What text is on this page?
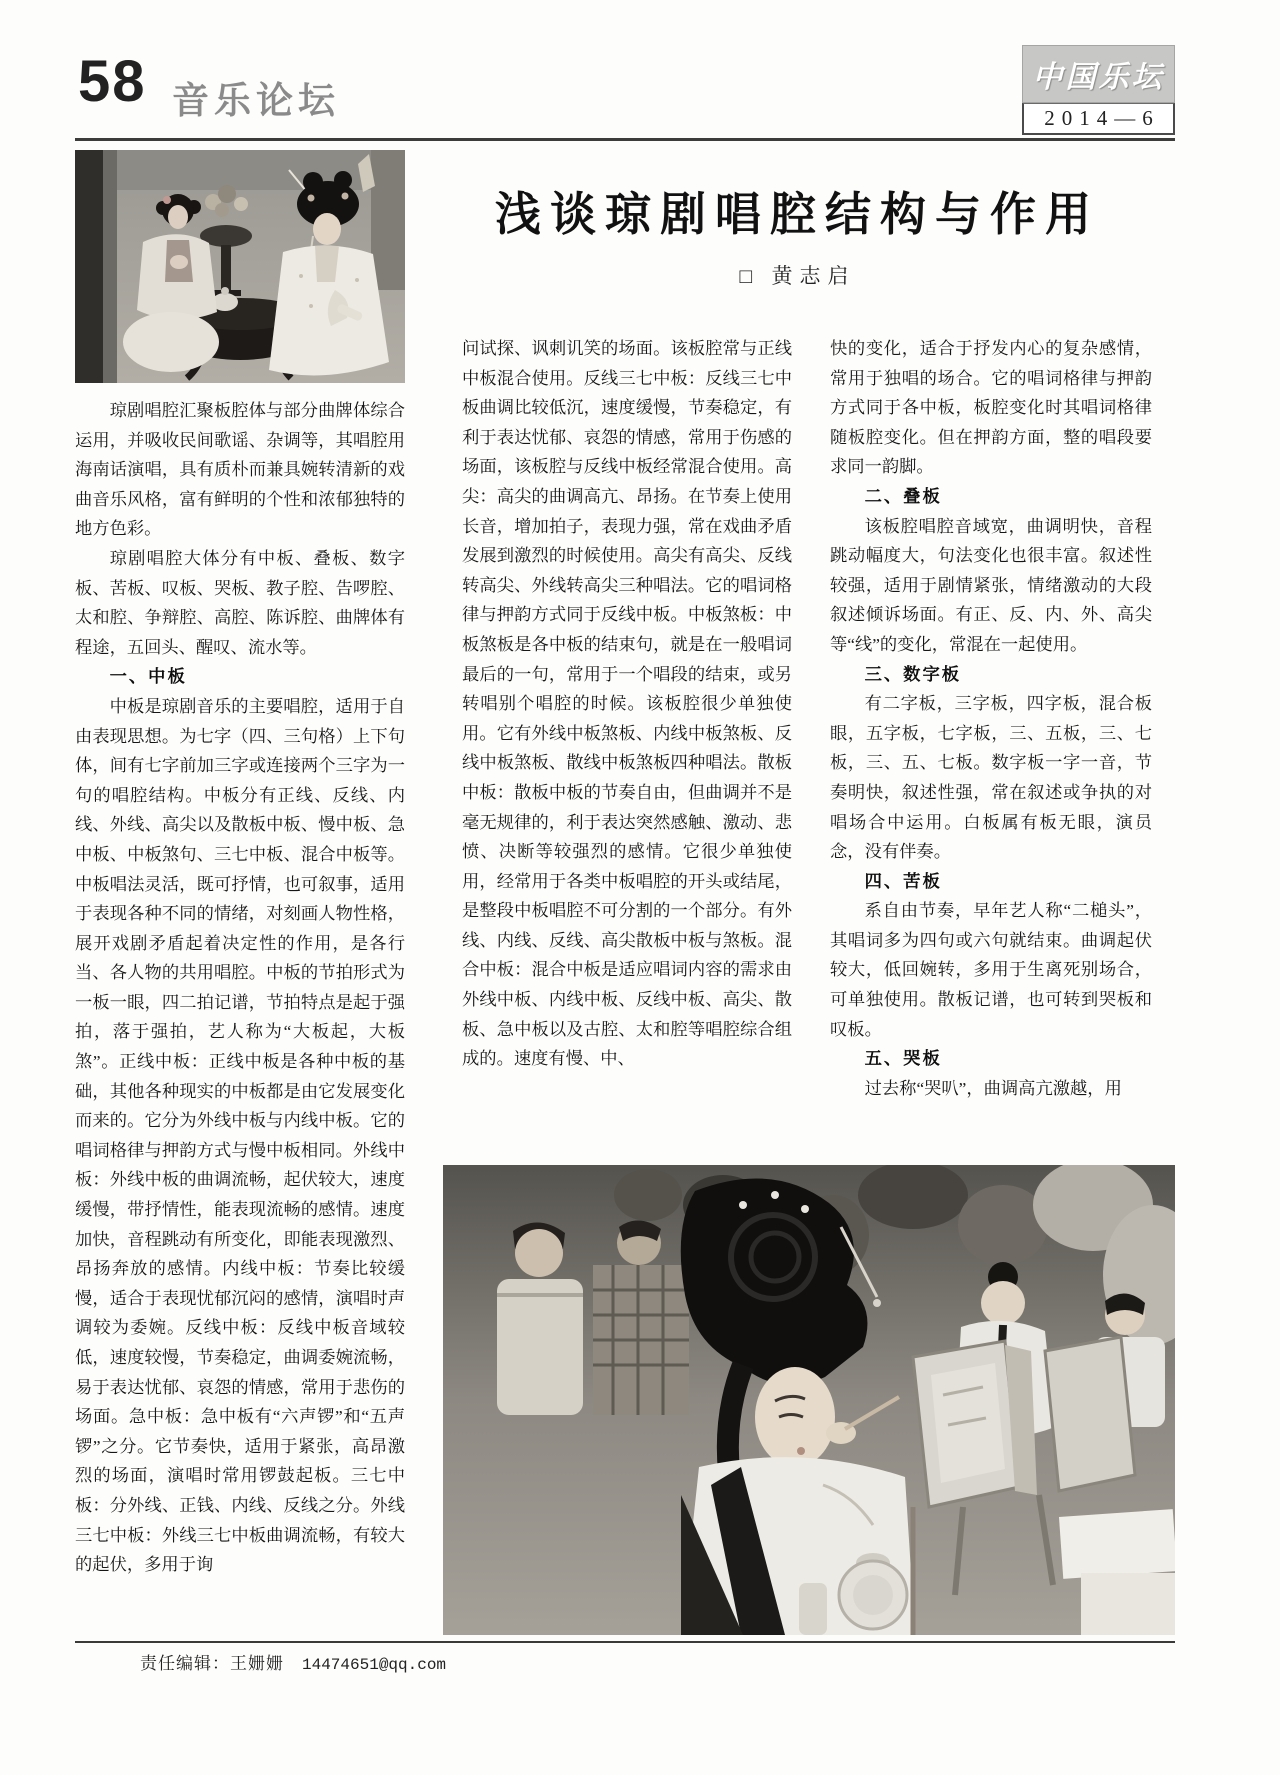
58 音乐论坛
中国乐坛
2014—6
浅谈琼剧唱腔结构与作用
□ 黄志启

琼剧唱腔汇聚板腔体与部分曲牌体综合运用，并吸收民间歌谣、杂调等，其唱腔用海南话演唱，具有质朴而兼具婉转清新的戏曲音乐风格，富有鲜明的个性和浓郁独特的地方色彩。

琼剧唱腔大体分有中板、叠板、数字板、苦板、叹板、哭板、教子腔、告啰腔、太和腔、争辩腔、高腔、陈诉腔、曲牌体有程途，五回头、醒叹、流水等。

一、中板

中板是琼剧音乐的主要唱腔，适用于自由表现思想。为七字（四、三句格）上下句体，间有七字前加三字或连接两个三字为一句的唱腔结构。中板分有正线、反线、内线、外线、高尖以及散板中板、慢中板、急中板、中板煞句、三七中板、混合中板等。中板唱法灵活，既可抒情，也可叙事，适用于表现各种不同的情绪，对刻画人物性格，展开戏剧矛盾起着决定性的作用，是各行当、各人物的共用唱腔。中板的节拍形式为一板一眼，四二拍记谱，节拍特点是起于强拍，落于强拍，艺人称为“大板起，大板煞”。正线中板：正线中板是各种中板的基础，其他各种现实的中板都是由它发展变化而来的。它分为外线中板与内线中板。它的唱词格律与押韵方式与慢中板相同。外线中板：外线中板的曲调流畅，起伏较大，速度缓慢，带抒情性，能表现流畅的感情。速度加快，音程跳动有所变化，即能表现激烈、昂扬奔放的感情。内线中板：节奏比较缓慢，适合于表现忧郁沉闷的感情，演唱时声调较为委婉。反线中板：反线中板音域较低，速度较慢，节奏稳定，曲调委婉流畅，易于表达忧郁、哀怨的情感，常用于悲伤的场面。急中板：急中板有“六声锣”和“五声锣”之分。它节奏快，适用于紧张，高昂激烈的场面，演唱时常用锣鼓起板。三七中板：分外线、正钱、内线、反线之分。外线三七中板：外线三七中板曲调流畅，有较大的起伏，多用于询

问试探、讽刺讥笑的场面。该板腔常与正线中板混合使用。反线三七中板：反线三七中板曲调比较低沉，速度缓慢，节奏稳定，有利于表达忧郁、哀怨的情感，常用于伤感的场面，该板腔与反线中板经常混合使用。高尖：高尖的曲调高亢、昂扬。在节奏上使用长音，增加拍子，表现力强，常在戏曲矛盾发展到激烈的时候使用。高尖有高尖、反线转高尖、外线转高尖三种唱法。它的唱词格律与押韵方式同于反线中板。中板煞板：中板煞板是各中板的结束句，就是在一般唱词最后的一句，常用于一个唱段的结束，或另转唱别个唱腔的时候。该板腔很少单独使用。它有外线中板煞板、内线中板煞板、反线中板煞板、散线中板煞板四种唱法。散板中板：散板中板的节奏自由，但曲调并不是毫无规律的，利于表达突然感触、激动、悲愤、决断等较强烈的感情。它很少单独使用，经常用于各类中板唱腔的开头或结尾，是整段中板唱腔不可分割的一个部分。有外线、内线、反线、高尖散板中板与煞板。混合中板：混合中板是适应唱词内容的需求由外线中板、内线中板、反线中板、高尖、散板、急中板以及古腔、太和腔等唱腔综合组成的。速度有慢、中、

快的变化，适合于抒发内心的复杂感情，常用于独唱的场合。它的唱词格律与押韵方式同于各中板，板腔变化时其唱词格律随板腔变化。但在押韵方面，整的唱段要求同一韵脚。

二、叠板

该板腔唱腔音域宽，曲调明快，音程跳动幅度大，句法变化也很丰富。叙述性较强，适用于剧情紧张，情绪激动的大段叙述倾诉场面。有正、反、内、外、高尖等“线”的变化，常混在一起使用。

三、数字板

有二字板，三字板，四字板，混合板眼，五字板，七字板，三、五板，三、七板，三、五、七板。数字板一字一音，节奏明快，叙述性强，常在叙述或争执的对唱场合中运用。白板属有板无眼，演员念，没有伴奏。

四、苦板

系自由节奏，早年艺人称“二槌头”，其唱词多为四句或六句就结束。曲调起伏较大，低回婉转，多用于生离死别场合，可单独使用。散板记谱，也可转到哭板和叹板。

五、哭板

过去称“哭叭”，曲调高亢激越，用

责任编辑：王姗姗 14474651@qq.com
